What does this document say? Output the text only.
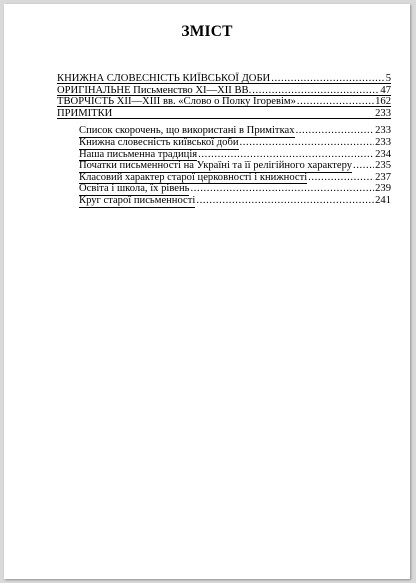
ЗМІСТ
КНИЖНА СЛОВЕСНІСТЬ КИЇВСЬКОЇ ДОБИ .....	5
ОРИГІНАЛЬНЕ Письменство XI—XII ВВ. .....	47
ТВОРЧІСТЬ XII—XIII вв. «Слово о Полку Ігоревім» .....	162
ПРИМІТКИ	233
Список скорочень, що використані в Примітках .....	233
Книжна словесність київської доби .....	233
Наша письменна традиція .....	234
Початки письменності на Україні та її релігійного характеру ..... 235
Класовий характер старої церковності і книжності .....	237
Освіта і школа, їх рівень .....	239
Круг старої письменності .....	241
